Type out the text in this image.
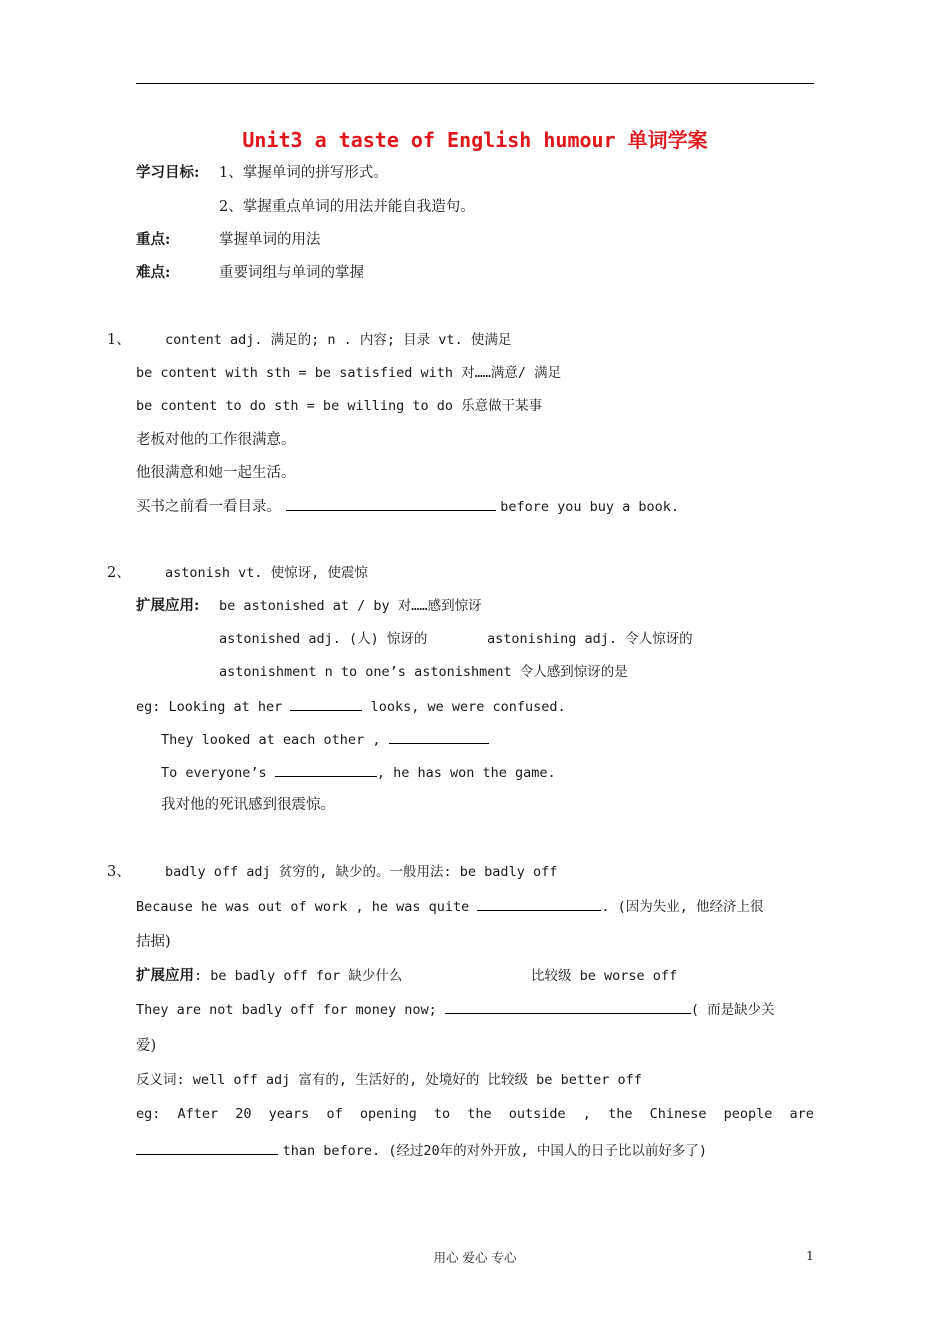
Unit3 a taste of English humour 单词学案
学习目标: 1、掌握单词的拼写形式。
2、掌握重点单词的用法并能自我造句。
重点:	掌握单词的用法
难点:	重要词组与单词的掌握
1、	content adj. 满足的; n . 内容; 目录 vt. 使满足
be content with sth = be satisfied with 对……满意/ 满足
be content to do sth = be willing to do 乐意做干某事
老板对他的工作很满意。
他很满意和她一起生活。
买书之前看一看目录。	before you buy a book.
2、	astonish vt. 使惊讶, 使震惊
扩展应用: be astonished at / by 对……感到惊讶
astonished adj. (人) 惊讶的	astonishing adj. 令人惊讶的
astonishment n to one’s astonishment 令人感到惊讶的是
eg: Looking at her	looks, we were confused.
They looked at each other ,
To everyone’s	, he has won the game.
我对他的死讯感到很震惊。
3、	badly off adj 贫穷的, 缺少的。一般用法: be badly off
Because he was out of work , he was quite	. (因为失业, 他经济上很
拮据)
扩展应用: be badly off for 缺少什么	比较级 be worse off
They are not badly off for money now;	( 而是缺少关
爱)
反义词: well off adj 富有的, 生活好的, 处境好的 比较级 be better off
eg: After 20 years of opening to the outside , the Chinese people are
than before. (经过20年的对外开放, 中国人的日子比以前好多了)
用心 爱心 专心	1
